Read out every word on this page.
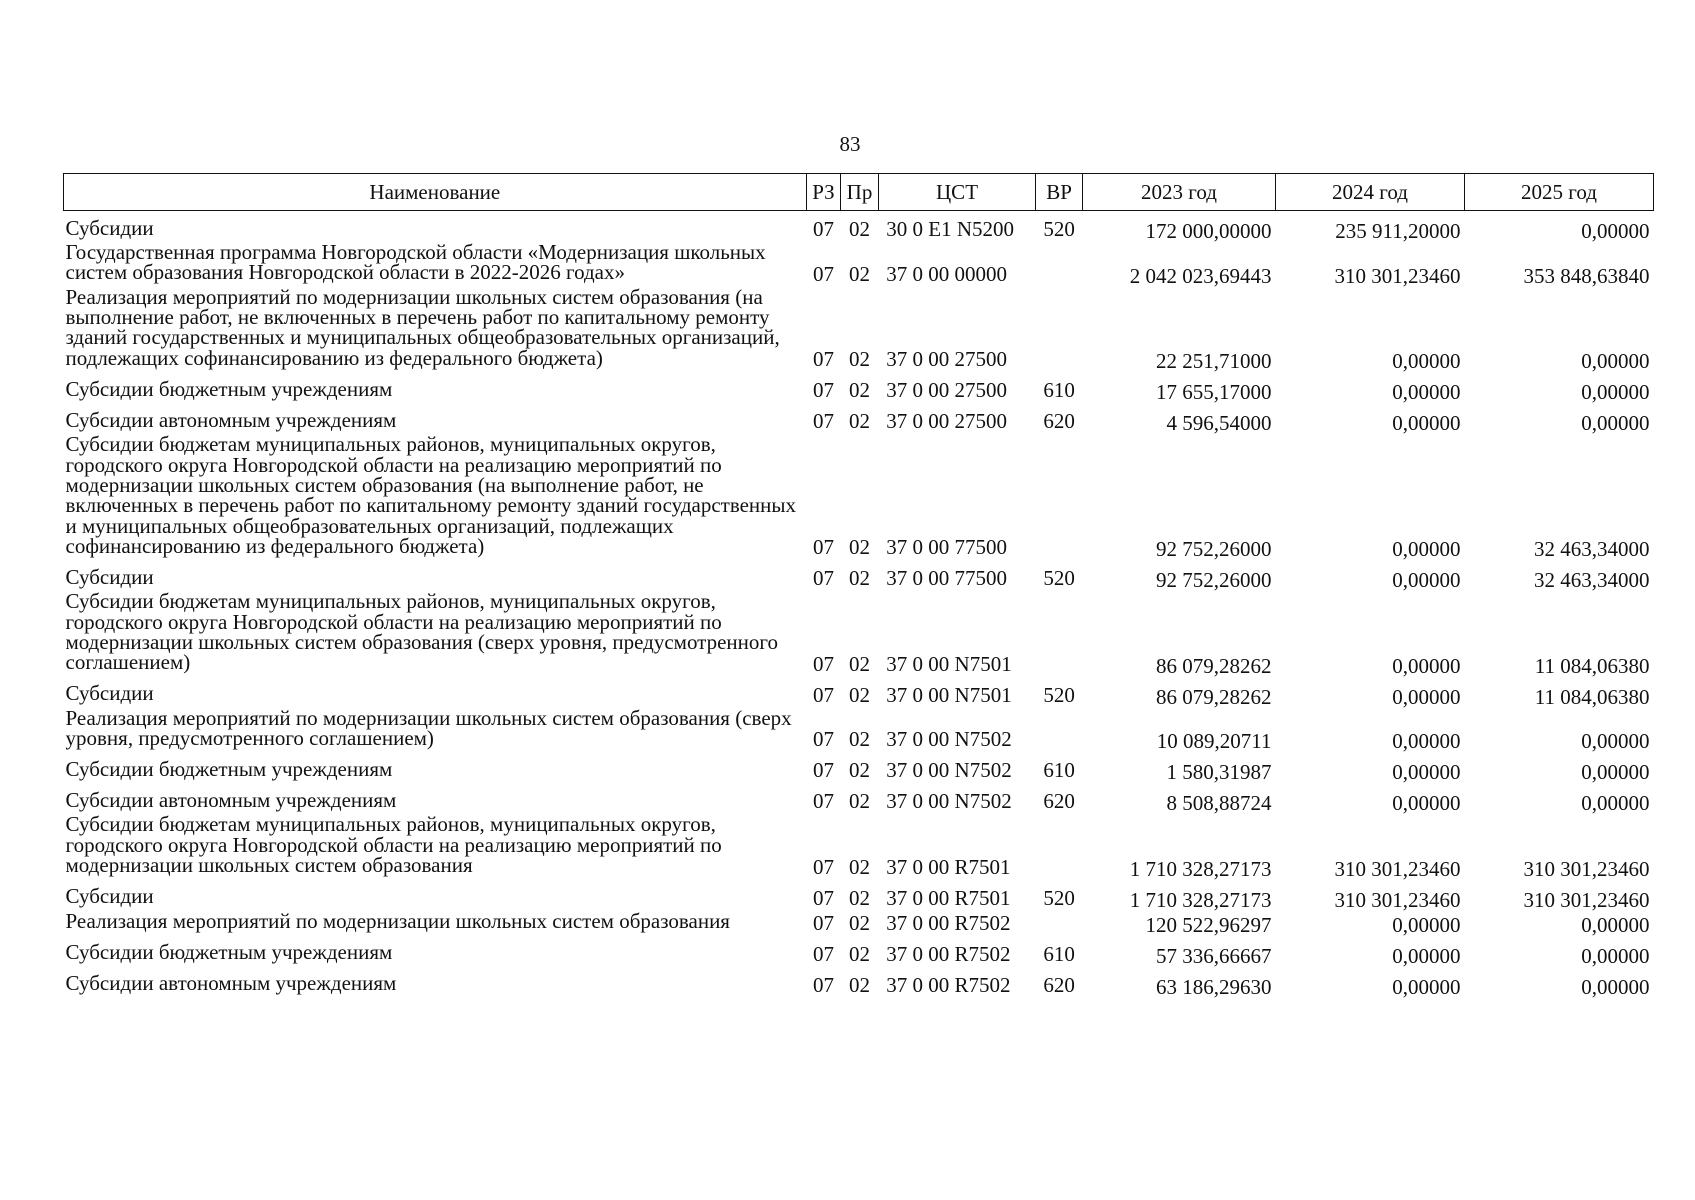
83
Наименование	РЗ	Пр	ЦСТ	ВР	2023 год	2024 год	2025 год
Субсидии	07	02	30 0 E1 N5200	520	172 000,00000	235 911,20000	0,00000
Государственная программа Новгородской области «Модернизация школьных систем образования Новгородской области в 2022-2026 годах»	07	02	37 0 00 00000		2 042 023,69443	310 301,23460	353 848,63840
Реализация мероприятий по модернизации школьных систем образования (на выполнение работ, не включенных в перечень работ по капитальному ремонту зданий государственных и муниципальных общеобразовательных организаций, подлежащих софинансированию из федерального бюджета)	07	02	37 0 00 27500		22 251,71000	0,00000	0,00000
Субсидии бюджетным учреждениям	07	02	37 0 00 27500	610	17 655,17000	0,00000	0,00000
Субсидии автономным учреждениям	07	02	37 0 00 27500	620	4 596,54000	0,00000	0,00000
Субсидии бюджетам муниципальных районов, муниципальных округов, городского округа Новгородской области на реализацию мероприятий по модернизации школьных систем образования (на выполнение работ, не включенных в перечень работ по капитальному ремонту зданий государственных и муниципальных общеобразовательных организаций, подлежащих софинансированию из федерального бюджета)	07	02	37 0 00 77500		92 752,26000	0,00000	32 463,34000
Субсидии	07	02	37 0 00 77500	520	92 752,26000	0,00000	32 463,34000
Субсидии бюджетам муниципальных районов, муниципальных округов, городского округа Новгородской области на реализацию мероприятий по модернизации школьных систем образования (сверх уровня, предусмотренного соглашением)	07	02	37 0 00 N7501		86 079,28262	0,00000	11 084,06380
Субсидии	07	02	37 0 00 N7501	520	86 079,28262	0,00000	11 084,06380
Реализация мероприятий по модернизации школьных систем образования (сверх уровня, предусмотренного соглашением)	07	02	37 0 00 N7502		10 089,20711	0,00000	0,00000
Субсидии бюджетным учреждениям	07	02	37 0 00 N7502	610	1 580,31987	0,00000	0,00000
Субсидии автономным учреждениям	07	02	37 0 00 N7502	620	8 508,88724	0,00000	0,00000
Субсидии бюджетам муниципальных районов, муниципальных округов, городского округа Новгородской области на реализацию мероприятий по модернизации школьных систем образования	07	02	37 0 00 R7501		1 710 328,27173	310 301,23460	310 301,23460
Субсидии	07	02	37 0 00 R7501	520	1 710 328,27173	310 301,23460	310 301,23460
Реализация мероприятий по модернизации школьных систем образования	07	02	37 0 00 R7502		120 522,96297	0,00000	0,00000
Субсидии бюджетным учреждениям	07	02	37 0 00 R7502	610	57 336,66667	0,00000	0,00000
Субсидии автономным учреждениям	07	02	37 0 00 R7502	620	63 186,29630	0,00000	0,00000
